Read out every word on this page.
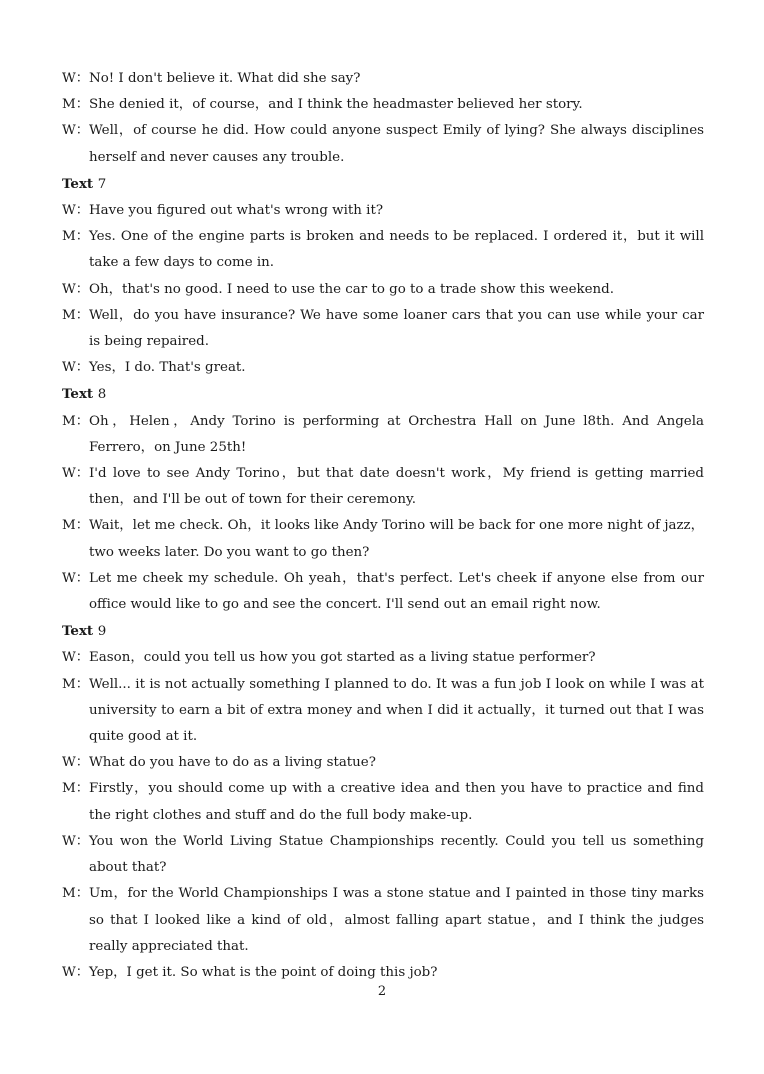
W：No! I don't believe it. What did she say?
M：She denied it，of course，and I think the headmaster believed her story.
W：Well，of course he did. How could anyone suspect Emily of lying? She always disciplines herself and never causes any trouble.
Text 7
W：Have you figured out what's wrong with it?
M：Yes. One of the engine parts is broken and needs to be replaced. I ordered it，but it will take a few days to come in.
W：Oh，that's no good. I need to use the car to go to a trade show this weekend.
M：Well，do you have insurance? We have some loaner cars that you can use while your car is being repaired.
W：Yes，I do. That's great.
Text 8
M：Oh，Helen，Andy Torino is performing at Orchestra Hall on June l8th. And Angela Ferrero，on June 25th!
W：I'd love to see Andy Torino，but that date doesn't work，My friend is getting married then，and I'll be out of town for their ceremony.
M：Wait，let me check. Oh，it looks like Andy Torino will be back for one more night of jazz，two weeks later. Do you want to go then?
W：Let me cheek my schedule. Oh yeah，that's perfect. Let's cheek if anyone else from our office would like to go and see the concert. I'll send out an email right now.
Text 9
W：Eason，could you tell us how you got started as a living statue performer?
M：Well... it is not actually something I planned to do. It was a fun job I look on while I was at university to earn a bit of extra money and when I did it actually，it turned out that I was quite good at it.
W：What do you have to do as a living statue?
M：Firstly，you should come up with a creative idea and then you have to practice and find the right clothes and stuff and do the full body make-up.
W：You won the World Living Statue Championships recently. Could you tell us something about that?
M：Um，for the World Championships I was a stone statue and I painted in those tiny marks so that I looked like a kind of old，almost falling apart statue，and I think the judges really appreciated that.
W：Yep，I get it. So what is the point of doing this job?
2
